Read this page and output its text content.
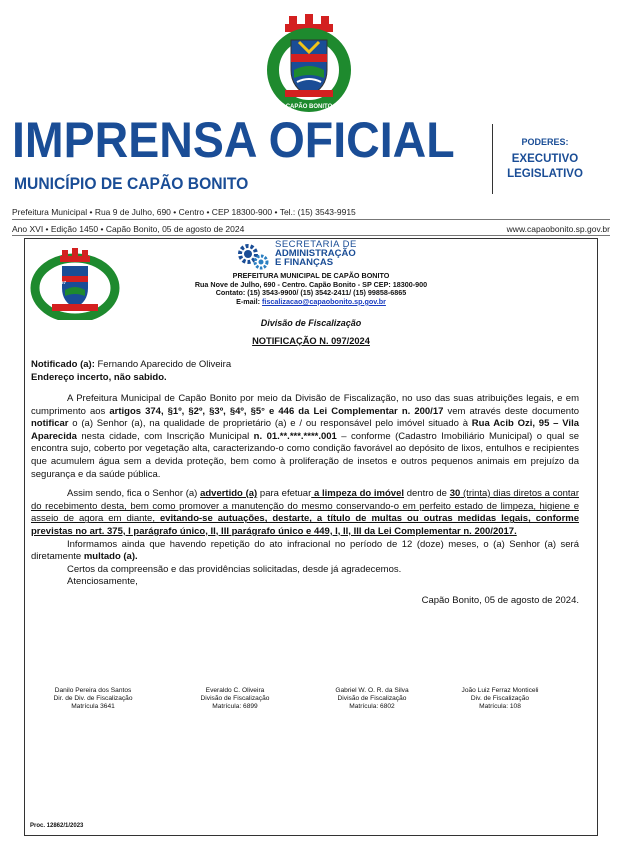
CAPÃO BONITO
IMPRENSA OFICIAL
MUNICÍPIO DE CAPÃO BONITO
PODERES:
EXECUTIVO
LEGISLATIVO
Prefeitura Municipal • Rua 9 de Julho, 690 • Centro • CEP 18300-900 • Tel.: (15) 3543-9915
Ano XVI • Edição 1450 • Capão Bonito, 05 de agosto de 2024	www.capaobonito.sp.gov.br
CAPÃO BONITO
1843 · 1857
SECRETARIA DE
ADMINISTRAÇÃO
E FINANÇAS
PREFEITURA MUNICIPAL DE CAPÃO BONITO
Rua Nove de Julho, 690 - Centro. Capão Bonito - SP CEP: 18300-900
Contato: (15) 3543-9900/ (15) 3542-2411/ (15) 99858-6865
E-mail: fiscalizacao@capaobonito.sp.gov.br
Divisão de Fiscalização
NOTIFICAÇÃO N. 097/2024
Notificado (a): Fernando Aparecido de Oliveira
Endereço incerto, não sabido.

A Prefeitura Municipal de Capão Bonito por meio da Divisão de Fiscalização, no uso das suas atribuições legais, e em cumprimento aos artigos 374, §1º, §2º, §3º, §4º, §5° e 446 da Lei Complementar n. 200/17 vem através deste documento notificar o (a) Senhor (a), na qualidade de proprietário (a) e / ou responsável pelo imóvel situado à Rua Acib Ozi, 95 – Vila Aparecida nesta cidade, com Inscrição Municipal n. 01.**.***.****.001 – conforme (Cadastro Imobiliário Municipal) o qual se encontra sujo, coberto por vegetação alta, caracterizando-o como condição favorável ao depósito de lixos, entulhos e recipientes que acumulem água sem a devida proteção, bem como à proliferação de insetos e outros pequenos animais em prejuízo da segurança e da saúde pública.

Assim sendo, fica o Senhor (a) advertido (a) para efetuar a limpeza do imóvel dentro de 30 (trinta) dias diretos a contar do recebimento desta, bem como promover a manutenção do mesmo conservando-o em perfeito estado de limpeza, higiene e asseio de agora em diante, evitando-se autuações, destarte, a título de multas ou outras medidas legais, conforme previstas no art. 375, I parágrafo único, II, III parágrafo único e 449, I, II, III da Lei Complementar n. 200/2017.

Informamos ainda que havendo repetição do ato infracional no período de 12 (doze) meses, o (a) Senhor (a) será diretamente multado (a).

Certos da compreensão e das providências solicitadas, desde já agradecemos.

Atenciosamente,

Capão Bonito, 05 de agosto de 2024.
Danilo Pereira dos Santos
Dir. de Div. de Fiscalização
Matrícula 3641
Everaldo C. Oliveira
Divisão de Fiscalização
Matrícula: 6899
Gabriel W. O. R. da Silva
Divisão de Fiscalização
Matrícula: 6802
João Luiz Ferraz Monticeli
Div. de Fiscalização
Matrícula: 108
Proc. 12862/1/2023
